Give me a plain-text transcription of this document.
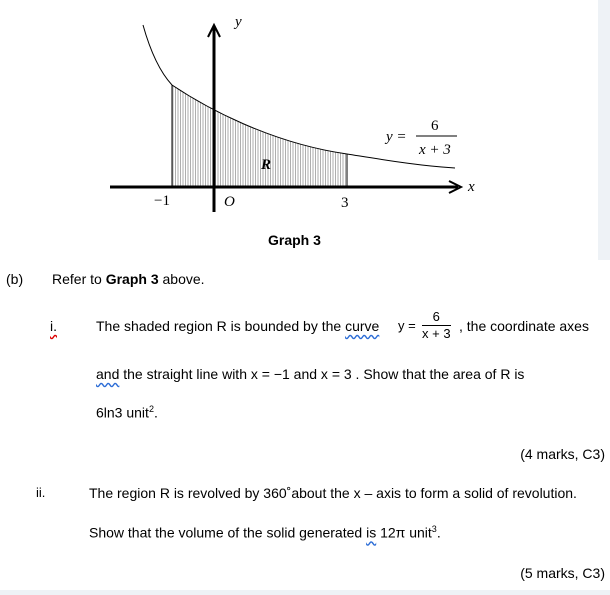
y
x
−1	O	3
R
y =
6
x + 3
Graph 3
(b) Refer to Graph 3 above.
i.	The shaded region R is bounded by the curve $y = \frac{6}{x + 3}$ , the coordinate axes
and the straight line with x = −1 and x = 3 . Show that the area of R is
6ln3 unit$^2$.
(4 marks, C3)
ii.	The region R is revolved by 360˚about the x – axis to form a solid of revolution.
Show that the volume of the solid generated is 12π unit$^3$.
(5 marks, C3)
